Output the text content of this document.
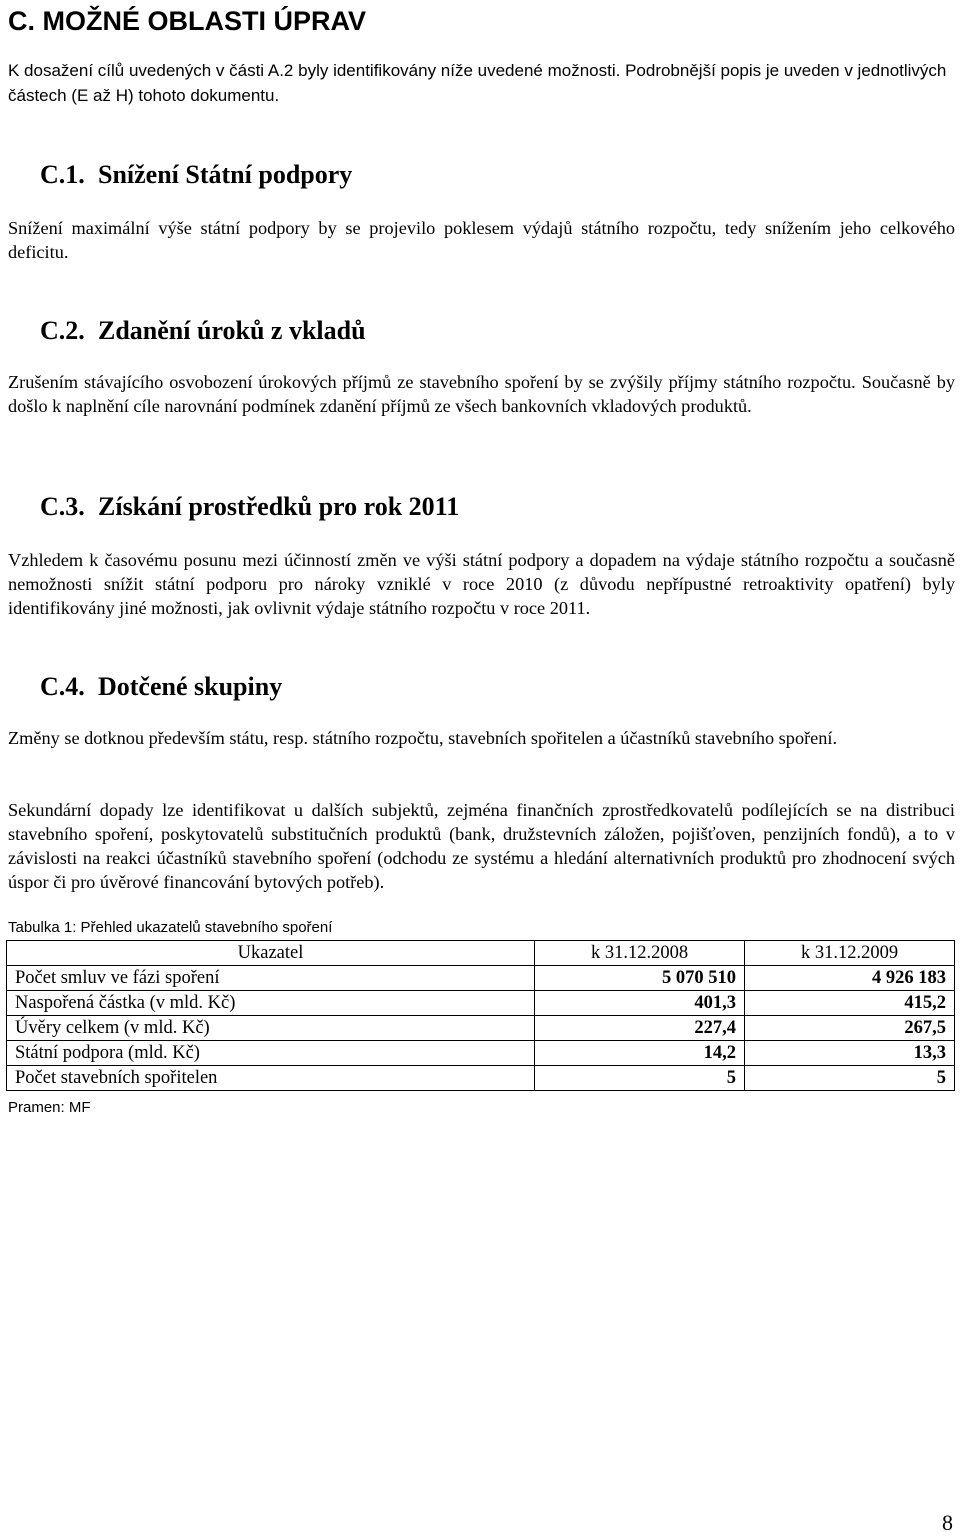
C. MOŽNÉ OBLASTI ÚPRAV
K dosažení cílů uvedených v části A.2 byly identifikovány níže uvedené možnosti. Podrobnější popis je uveden v jednotlivých částech (E až H) tohoto dokumentu.
C.1. Snížení Státní podpory
Snížení maximální výše státní podpory by se projevilo poklesem výdajů státního rozpočtu, tedy snížením jeho celkového deficitu.
C.2. Zdanění úroků z vkladů
Zrušením stávajícího osvobození úrokových příjmů ze stavebního spoření by se zvýšily příjmy státního rozpočtu. Současně by došlo k naplnění cíle narovnání podmínek zdanění příjmů ze všech bankovních vkladových produktů.
C.3. Získání prostředků pro rok 2011
Vzhledem k časovému posunu mezi účinností změn ve výši státní podpory a dopadem na výdaje státního rozpočtu a současně nemožnosti snížit státní podporu pro nároky vzniklé v roce 2010 (z důvodu nepřípustné retroaktivity opatření) byly identifikovány jiné možnosti, jak ovlivnit výdaje státního rozpočtu v roce 2011.
C.4. Dotčené skupiny
Změny se dotknou především státu, resp. státního rozpočtu, stavebních spořitelen a účastníků stavebního spoření.
Sekundární dopady lze identifikovat u dalších subjektů, zejména finančních zprostředkovatelů podílejících se na distribuci stavebního spoření, poskytovatelů substitučních produktů (bank, družstevních záložen, pojišťoven, penzijních fondů), a to v závislosti na reakci účastníků stavebního spoření (odchodu ze systému a hledání alternativních produktů pro zhodnocení svých úspor či pro úvěrové financování bytových potřeb).
Tabulka 1: Přehled ukazatelů stavebního spoření
Ukazatel	k 31.12.2008	k 31.12.2009
Počet smluv ve fázi spoření	5 070 510	4 926 183
Naspořená částka (v mld. Kč)	401,3	415,2
Úvěry celkem (v mld. Kč)	227,4	267,5
Státní podpora (mld. Kč)	14,2	13,3
Počet stavebních spořitelen	5	5
Pramen: MF
8
